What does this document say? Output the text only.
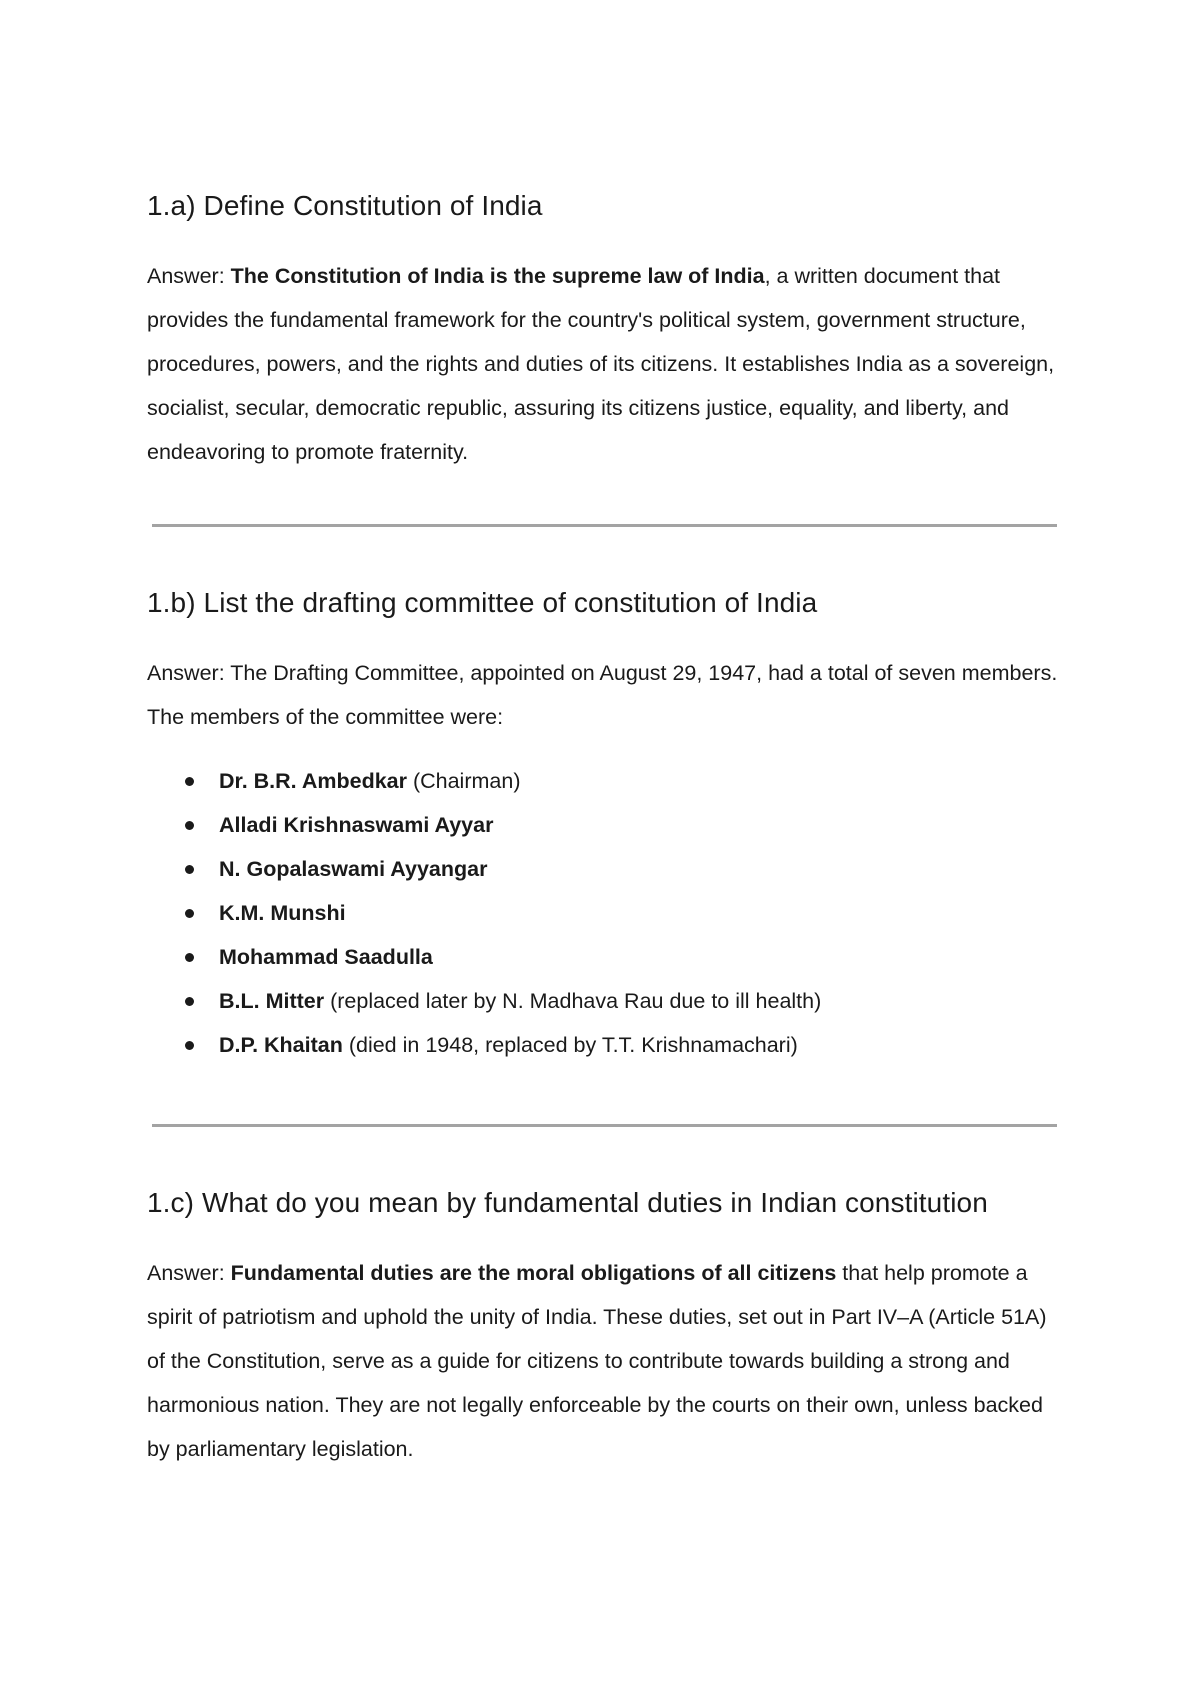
1.a) Define Constitution of India

Answer: The Constitution of India is the supreme law of India, a written document that provides the fundamental framework for the country's political system, government structure, procedures, powers, and the rights and duties of its citizens. It establishes India as a sovereign, socialist, secular, democratic republic, assuring its citizens justice, equality, and liberty, and endeavoring to promote fraternity.

1.b) List the drafting committee of constitution of India

Answer: The Drafting Committee, appointed on August 29, 1947, had a total of seven members. The members of the committee were:

Dr. B.R. Ambedkar (Chairman)
Alladi Krishnaswami Ayyar
N. Gopalaswami Ayyangar
K.M. Munshi
Mohammad Saadulla
B.L. Mitter (replaced later by N. Madhava Rau due to ill health)
D.P. Khaitan (died in 1948, replaced by T.T. Krishnamachari)
1.c) What do you mean by fundamental duties in Indian constitution

Answer: Fundamental duties are the moral obligations of all citizens that help promote a spirit of patriotism and uphold the unity of India. These duties, set out in Part IV–A (Article 51A) of the Constitution, serve as a guide for citizens to contribute towards building a strong and harmonious nation. They are not legally enforceable by the courts on their own, unless backed by parliamentary legislation.
